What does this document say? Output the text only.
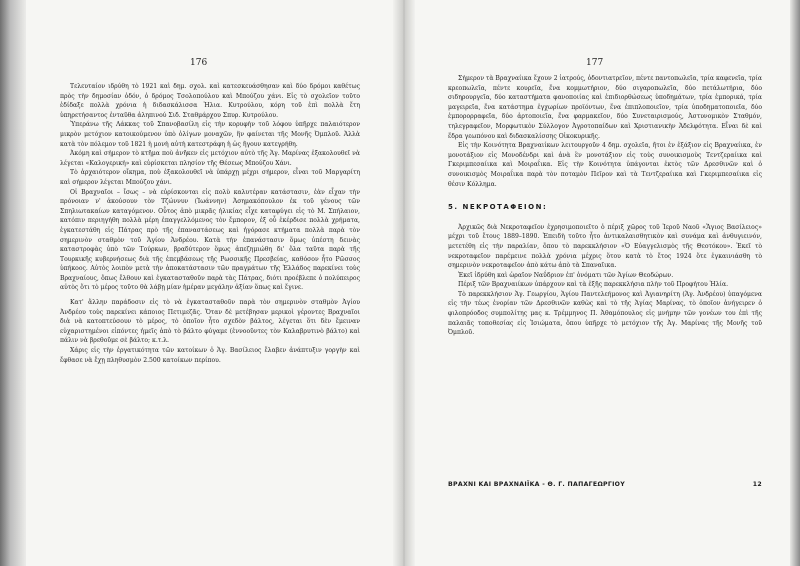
176

Τελευταίον ιδρύθη τὸ 1921 καὶ δημ. σχολ. καὶ κατεσκευάσθησαν καὶ δύο δρόμοι καθέτως πρὸς τὴν δημοσίαν ὁδόν, ὁ δρόμος Τσολοπούλου καὶ Μπούζου χάνι. Εἰς τὸ σχολεῖον τοῦτο ἐδίδαξε πολλὰ χρόνια ἡ διδασκάλισσα Ἠλια. Κυτρούλου, κόρη τοῦ ἐπὶ πολλὰ ἔτη ὑπηρετήσαντος ἐνταῦθα ἀληπινού Σιδ. Σταθμάρχου Σπυρ. Κυτρούλου.

Ὑπεράνω τῆς Λάκκας τοῦ Σπανοβασίλη εἰς τὴν κορυφὴν τοῦ λόφου ὑπῆρχε παλαιότερον μικρὸν μετόχιον κατοικούμενον ὑπὸ ὀλίγων μοναχῶν, ἣν φαίνεται τῆς Μονῆς Ὀμπλοῦ. Ἀλλὰ κατὰ τὸν πόλεμον τοῦ 1821 ἡ μονὴ αὐτὴ κατεστράφη ἡ ὡς ἥγουν κατεγρήθη.

Ἀκόμη καὶ σήμερον τὸ κτῆμα ποὺ ἀνῆκεν εἰς μετόχιον αὐτὸ τῆς Ἁγ. Μαρίνας ἐξακολουθεῖ νὰ λέγεται «Καλογερική» καὶ εὑρίσκεται πλησίον τῆς Θέσεως Μπούζου Χάνι.

Τὸ ἀρχαιότερον οἴκημα, ποὺ ἐξακολουθεῖ νὰ ὑπάρχῃ μέχρι σήμερον, εἶναι τοῦ Μαργαρίτη καὶ σήμερον λέγεται Μπούζου χάνι.

Οἱ Βραχναῖοι – ἴσως – νὰ εὑρίσκονται εἰς πολὺ καλυτέραν κατάστασιν, ἐὰν εἶχαν τὴν πρόνοιαν ν' ἀκούσουν τὸν Τζώννυν (Ἰωάννην) Ἀσημακόπουλον ἐκ τοῦ γένους τῶν Σπηλιωτακαίων καταγόμενον. Οὗτος ἀπὸ μικρᾶς ἡλικίας εἶχε καταφύγει εἰς τὸ Μ. Σπήλαιον, κατόπιν περιηγήθη πολλὰ μέρη ἐπαγγελλόμενος τὸν ἔμπορον, ἐξ οὗ ἐκέρδισε πολλὰ χρήματα, ἐγκατεστάθη εἰς Πάτρας πρὸ τῆς ἐπαναστάσεως καὶ ἠγόρασε κτήματα πολλὰ παρὰ τὸν σημερινὸν σταθμὸν τοῦ Ἁγίου Ἀνδρέου. Κατὰ τὴν ἐπανάστασιν ὅμως ὑπέστη δεινὰς καταστροφὰς ὑπὸ τῶν Τούρκων, βραδύτερον ὅμως ἀπεζημιώθη δι' ὅλα ταῦτα παρὰ τῆς Τουρκικῆς κυβερνήσεως διὰ τῆς ἐπεμβάσεως τῆς Ρωσσικῆς Πρεσβείας, καθόσον ἦτο Ρῶσσος ὑπήκοος. Αὐτὸς λοιπὸν μετὰ τὴν ἀποκατάστασιν τῶν πραγμάτων τῆς Ἑλλάδος παρεκίνει τοὺς Βραχναίους, ὅπως ἔλθουν καὶ ἐγκατασταθοῦν παρὰ τὰς Πάτρας, διότι προέβλεπε ὁ πολύπειρος αὐτὸς ὅτι τὸ μέρος τοῦτο θὰ λάβῃ μίαν ἡμέραν μεγάλην ἀξίαν ὅπως καὶ ἔγινε.

Κατ' ἄλλην παράδοσιν εἰς τὸ νὰ ἐγκατασταθοῦν παρὰ τὸν σημερινὸν σταθμὸν Ἁγίου Ἀνδρέου τοὺς παρεκίνει κάποιος Πετιμεζᾶς. Ὅταν δὲ μετέβησαν μερικοὶ γέροντες Βραχναῖοι διὰ νὰ κατοπτεύσουν τὸ μέρος, τὸ ὁποῖον ἦτο σχεδὸν βάλτος, λέγεται ὅτι δὲν ἔμειναν εὐχαριστημένοι εἰπόντες ἡμεῖς ἀπὸ τὸ βάλτο φύγαμε (ἐννοοῦντες τὸν Καλαβρυτινὸ βάλτο) καὶ πάλιν νὰ βρεθοῦμε σὲ βάλτο; κ.τ.λ.

Χάρις εἰς τὴν ἐργατικότητα τῶν κατοίκων ὁ Ἁγ. Βασίλειος ἔλαβεν ἀνάπτυξιν γοργὴν καὶ ἔφθασε νὰ ἔχῃ πληθυσμὸν 2.500 κατοίκων περίπου.

177

Σήμερον τὰ Βραχναίικα ἔχουν 2 ἰατρούς, ὀδοντιατρεῖον, πέντε παντοπωλεῖα, τρία καφενεῖα, τρία κρεοπωλεῖα, πέντε κουρεῖα, ἕνα κομμωτήριον, δύο σιγαροπωλεῖα, δύο πετάλωτήρια, δύο σιδηρουργεῖα, δύο καταστήματα φανοποιίας καὶ ἐπιδιορθώσεως ὑποδημάτων, τρία ἐμπορικά, τρία μαγειρεῖα, ἕνα κατάστημα ἐγχωρίων προϊόντων, ἕνα ἐπιπλοποιεῖον, τρία ὑποδηματοποιεῖα, δύο ἐμπορορραφεῖα, δύο ἀρτοποιεῖα, ἕνα φαρμακεῖον, δύο Συνεταιρισμούς, Ἀστυνομικὸν Σταθμόν, τηλεγραφεῖον, Μορφωτικὸν Σύλλογον Ἀγροτοπαίδων καὶ Χριστιανικὴν Ἀδελφότητα. Εἶναι δὲ καὶ ἕδρα γεωπόνου καὶ διδασκαλίσσης Οἰκοκυρικῆς.

Εἰς τὴν Κοινότητα Βραχναιίκων λειτουργοῦν 4 δημ. σχολεῖα, ἤτοι ἐν ἑξάξιον εἰς Βραχναίικα, ἐν μονοτάξιον εἰς Μονοδένδρι καὶ ἀνὰ ἓν μονοτάξιον εἰς τοὺς συνοικισμοὺς Τεντζεραίικα καὶ Γκεριμπεσαίικα καὶ Μοιραΐικα. Εἰς τὴν Κοινότητα ὑπάγονται ἐκτὸς τῶν Δρεσθινῶν καὶ ὁ συνοικισμὸς Μοιραΐικα παρὰ τὸν ποταμὸν Πεῖρον καὶ τὰ Τεντζεραίικα καὶ Γκεριμπεσαίικα εἰς θέσιν Κόλλημα.

5. ΝΕΚΡΟΤΑΦΕΙΟΝ:

Ἀρχικῶς διὰ Νεκροταφεῖον ἐχρησιμοποιεῖτο ὁ πέριξ χῶρος τοῦ Ἱεροῦ Ναοῦ «Ἅγιος Βασίλειος» μέχρι τοῦ ἔτους 1889–1890. Ἐπειδὴ τοῦτο ἦτο ἀντικαλαισθητικὸν καὶ συνάμα καὶ ἀνθυγιεινόν, μετετέθη εἰς τὴν παραλίαν, ὅπου τὸ παρεκκλήσιον «Ὁ Εὐαγγελισμὸς τῆς Θεοτόκου». Ἐκεῖ τὸ νεκροταφεῖον παρέμεινε πολλὰ χρόνια μέχρις ὅτου κατὰ τὸ ἔτος 1924 ὅτε ἐγκαινιάσθη τὸ σημερινὸν νεκροταφεῖον ἀπὸ κάτω ἀπὸ τὰ Σπαναῖικα.

Ἐκεῖ ἱδρύθη καὶ ὡραῖον Ναΰδριον ἐπ' ὀνόματι τῶν Ἁγίων Θεοδώρων.

Πέριξ τῶν Βραχναιίκων ὑπάρχουν καὶ τὰ ἑξῆς παρεκκλήσια πλὴν τοῦ Προφήτου Ἠλία.

Τὸ παρεκκλήσιον Ἁγ. Γεωργίου, Ἁγίου Παντελεήμονος καὶ Ἀγιανηρίτη (Ἁγ. Ἀνδρέου) ὑπαγόμενα εἰς τὴν τέως ἐνορίαν τῶν Δρεσθινῶν καθὼς καὶ τὸ τῆς Ἁγίας Μαρίνας, τὸ ὁποῖον ἀνήγειρεν ὁ φιλοπρόοδος συμπολίτης μας κ. Τρέμμηνος Π. Ἀθαμόπουλος εἰς μνήμην τῶν γονέων του ἐπὶ τῆς παλαιᾶς τοποθεσίας εἰς Ἰσιώματα, ὅπου ὑπῆρχε τὸ μετόχιον τῆς Ἁγ. Μαρίνας τῆς Μονῆς τοῦ Ὀμπλοῦ.

ΒΡΑΧΝΙ ΚΑΙ ΒΡΑΧΝΑΙΪΚΑ - Θ. Γ. ΠΑΠΑΓΕΩΡΓΙΟΥ	12
